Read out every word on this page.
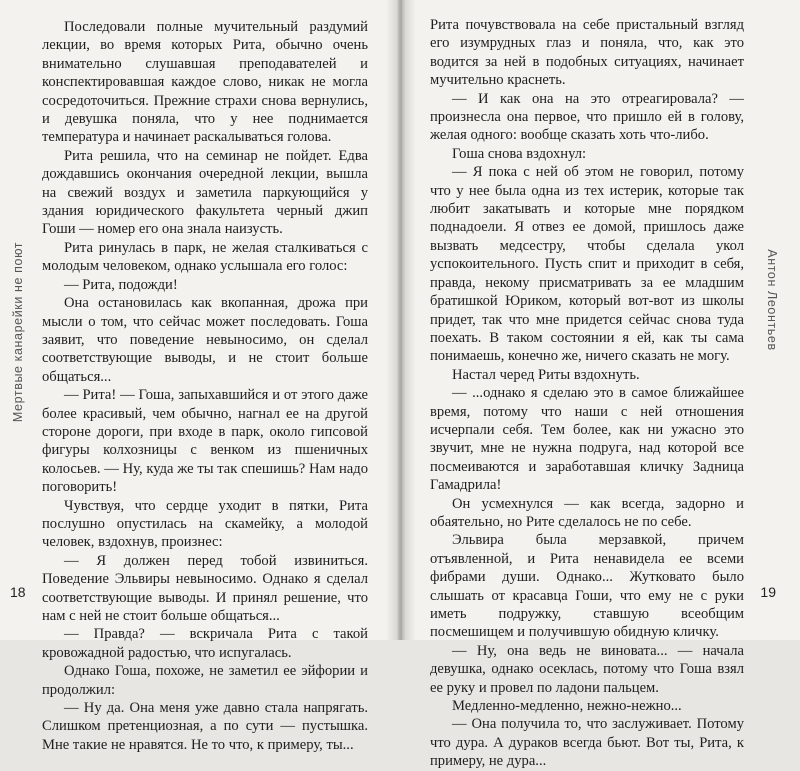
Мертвые канарейки не поют

Последовали полные мучительный раздумий лекции, во время которых Рита, обычно очень внимательно слушавшая преподавателей и конспектировавшая каждое слово, никак не могла сосредоточиться. Прежние страхи снова вернулись, и девушка поняла, что у нее поднимается температура и начинает раскалываться голова.

Рита решила, что на семинар не пойдет. Едва дождавшись окончания очередной лекции, вышла на свежий воздух и заметила паркующийся у здания юридического факультета черный джип Гоши — номер его она знала наизусть.

Рита ринулась в парк, не желая сталкиваться с молодым человеком, однако услышала его голос:

— Рита, подожди!

Она остановилась как вкопанная, дрожа при мысли о том, что сейчас может последовать. Гоша заявит, что поведение невыносимо, он сделал соответствующие выводы, и не стоит больше общаться...

— Рита! — Гоша, запыхавшийся и от этого даже более красивый, чем обычно, нагнал ее на другой стороне дороги, при входе в парк, около гипсовой фигуры колхозницы с венком из пшеничных колосьев. — Ну, куда же ты так спешишь? Нам надо поговорить!

Чувствуя, что сердце уходит в пятки, Рита послушно опустилась на скамейку, а молодой человек, вздохнув, произнес:

— Я должен перед тобой извиниться. Поведение Эльвиры невыносимо. Однако я сделал соответствующие выводы. И принял решение, что нам с ней не стоит больше общаться...

— Правда? — вскричала Рита с такой кровожадной радостью, что испугалась.

Однако Гоша, похоже, не заметил ее эйфории и продолжил:

— Ну да. Она меня уже давно стала напрягать. Слишком претенциозная, а по сути — пустышка. Мне такие не нравятся. Не то что, к примеру, ты...

18
Антон Леонтьев

Рита почувствовала на себе пристальный взгляд его изумрудных глаз и поняла, что, как это водится за ней в подобных ситуациях, начинает мучительно краснеть.

— И как она на это отреагировала? — произнесла она первое, что пришло ей в голову, желая одного: вообще сказать хоть что-либо.

Гоша снова вздохнул:

— Я пока с ней об этом не говорил, потому что у нее была одна из тех истерик, которые так любит закатывать и которые мне порядком поднадоели. Я отвез ее домой, пришлось даже вызвать медсестру, чтобы сделала укол успокоительного. Пусть спит и приходит в себя, правда, некому присматривать за ее младшим братишкой Юриком, который вот-вот из школы придет, так что мне придется сейчас снова туда поехать. В таком состоянии я ей, как ты сама понимаешь, конечно же, ничего сказать не могу.

Настал черед Риты вздохнуть.

— ...однако я сделаю это в самое ближайшее время, потому что наши с ней отношения исчерпали себя. Тем более, как ни ужасно это звучит, мне не нужна подруга, над которой все посмеиваются и заработавшая кличку Задница Гамадрила!

Он усмехнулся — как всегда, задорно и обаятельно, но Рите сделалось не по себе.

Эльвира была мерзавкой, причем отъявленной, и Рита ненавидела ее всеми фибрами души. Однако... Жутковато было слышать от красавца Гоши, что ему не с руки иметь подружку, ставшую всеобщим посмешищем и получившую обидную кличку.

— Ну, она ведь не виновата... — начала девушка, однако осеклась, потому что Гоша взял ее руку и провел по ладони пальцем.

Медленно-медленно, нежно-нежно...

— Она получила то, что заслуживает. Потому что дура. А дураков всегда бьют. Вот ты, Рита, к примеру, не дура...

19
